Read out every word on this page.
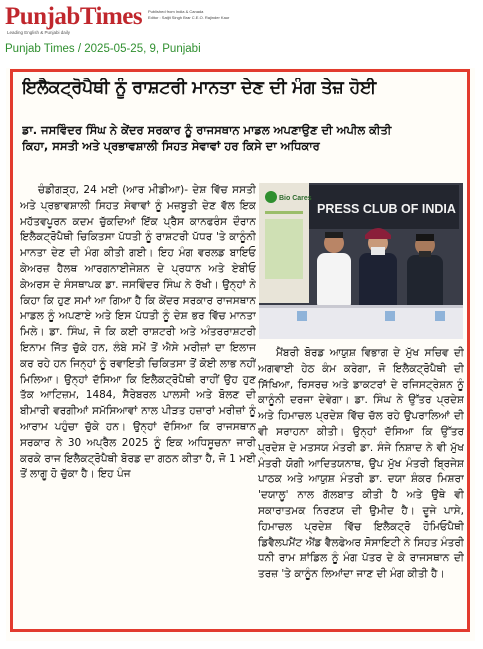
PunjabTimes
Leading English & Punjabi daily
Published from India & Canada
Editor : Satjit Singh Brar C.E.O. Rajinder Kaur
Punjab Times / 2025-05-25, 9, Punjabi
ਇਲੈਕਟ੍ਰੋਪੈਥੀ ਨੂੰ ਰਾਸ਼ਟਰੀ ਮਾਨਤਾ ਦੇਣ ਦੀ ਮੰਗ ਤੇਜ਼ ਹੋਈ
ਡਾ. ਜਸਵਿੰਦਰ ਸਿੰਘ ਨੇ ਕੇਂਦਰ ਸਰਕਾਰ ਨੂੰ ਰਾਜਸਥਾਨ ਮਾਡਲ ਅਪਣਾਉਣ ਦੀ ਅਪੀਲ ਕੀਤੀ
ਕਿਹਾ, ਸਸਤੀ ਅਤੇ ਪ੍ਰਭਾਵਸ਼ਾਲੀ ਸਿਹਤ ਸੇਵਾਵਾਂ ਹਰ ਕਿਸੇ ਦਾ ਅਧਿਕਾਰ

ਚੰਡੀਗੜ੍ਹ, 24 ਮਈ (ਆਰ ਮੀਡੀਆ)- ਦੇਸ਼ ਵਿੱਚ ਸਸਤੀ ਅਤੇ ਪ੍ਰਭਾਵਸ਼ਾਲੀ ਸਿਹਤ ਸੇਵਾਵਾਂ ਨੂੰ ਮਜ਼ਬੂਤੀ ਦੇਣ ਵੱਲ ਇਕ ਮਹੱਤਵਪੂਰਨ ਕਦਮ ਚੁੱਕਦਿਆਂ ਇੱਕ ਪ੍ਰੈਸ ਕਾਨਫਰੰਸ ਦੌਰਾਨ ਇਲੈਕਟ੍ਰੋਪੈਥੀ ਚਿਕਿਤਸਾ ਪੱਧਤੀ ਨੂੰ ਰਾਸ਼ਟਰੀ ਪੱਧਰ 'ਤੇ ਕਾਨੂੰਨੀ ਮਾਨਤਾ ਦੇਣ ਦੀ ਮੰਗ ਕੀਤੀ ਗਈ। ਇਹ ਮੰਗ ਵਰਲਡ ਬਾਇਓ ਕੇਅਰਜ਼ ਹੈਲਥ ਆਰਗਨਾਈਜੇਸ਼ਨ ਦੇ ਪ੍ਰਧਾਨ ਅਤੇ ਏਬੀਓ ਕੇਅਰਸ ਦੇ ਸੰਸਥਾਪਕ ਡਾ. ਜਸਵਿੰਦਰ ਸਿੰਘ ਨੇ ਰੱਖੀ। ਉਨ੍ਹਾਂ ਨੇ ਕਿਹਾ ਕਿ ਹੁਣ ਸਮਾਂ ਆ ਗਿਆ ਹੈ ਕਿ ਕੇਂਦਰ ਸਰਕਾਰ ਰਾਜਸਥਾਨ ਮਾਡਲ ਨੂੰ ਅਪਣਾਏ ਅਤੇ ਇਸ ਪੱਧਤੀ ਨੂੰ ਦੇਸ਼ ਭਰ ਵਿੱਚ ਮਾਨਤਾ ਮਿਲੇ। ਡਾ. ਸਿੰਘ, ਜੋ ਕਿ ਕਈ ਰਾਸ਼ਟਰੀ ਅਤੇ ਅੰਤਰਰਾਸ਼ਟਰੀ ਇਨਾਮ ਜਿੱਤ ਚੁੱਕੇ ਹਨ, ਲੰਬੇ ਸਮੇਂ ਤੋਂ ਐਸੇ ਮਰੀਜ਼ਾਂ ਦਾ ਇਲਾਜ ਕਰ ਰਹੇ ਹਨ ਜਿਨ੍ਹਾਂ ਨੂੰ ਰਵਾਇਤੀ ਚਿਕਿਤਸਾ ਤੋਂ ਕੋਈ ਲਾਭ ਨਹੀਂ ਮਿਲਿਆ। ਉਨ੍ਹਾਂ ਦੱਸਿਆ ਕਿ ਇਲੈਕਟ੍ਰੋਪੈਥੀ ਰਾਹੀਂ ਉਹ ਹੁਣ ਤੱਕ ਆਟਿਜ਼ਮ, 1484, ਸੈਰੇਬਰਲ ਪਾਲਸੀ ਅਤੇ ਬੋਲਣ ਦੀ ਬੀਮਾਰੀ ਵਰਗੀਆਂ ਸਮੱਸਿਆਵਾਂ ਨਾਲ ਪੀੜਤ ਹਜ਼ਾਰਾਂ ਮਰੀਜ਼ਾਂ ਨੂੰ ਆਰਾਮ ਪਹੁੰਚਾ ਚੁੱਕੇ ਹਨ। ਉਨ੍ਹਾਂ ਦੱਸਿਆ ਕਿ ਰਾਜਸਥਾਨ ਸਰਕਾਰ ਨੇ 30 ਅਪ੍ਰੈਲ 2025 ਨੂੰ ਇਕ ਅਧਿਸੂਚਨਾ ਜਾਰੀ ਕਰਕੇ ਰਾਜ ਇਲੈਕਟ੍ਰੋਪੈਥੀ ਬੋਰਡ ਦਾ ਗਠਨ ਕੀਤਾ ਹੈ, ਜੋ 1 ਮਈ ਤੋਂ ਲਾਗੂ ਹੋ ਚੁੱਕਾ ਹੈ। ਇਹ ਪੰਜ

PRESS CLUB OF INDIA
Bio Cares

ਮੈਂਬਰੀ ਬੋਰਡ ਆਯੁਸ਼ ਵਿਭਾਗ ਦੇ ਮੁੱਖ ਸਚਿਵ ਦੀ ਅਗਵਾਈ ਹੇਠ ਕੰਮ ਕਰੇਗਾ, ਜੋ ਇਲੈਕਟ੍ਰੋਪੈਥੀ ਦੀ ਸਿੱਖਿਆ, ਰਿਸਰਚ ਅਤੇ ਡਾਕਟਰਾਂ ਦੇ ਰਜਿਸਟ੍ਰੇਸ਼ਨ ਨੂੰ ਕਾਨੂੰਨੀ ਦਰਜਾ ਦੇਵੇਗਾ। ਡਾ. ਸਿੰਘ ਨੇ ਉੱਤਰ ਪ੍ਰਦੇਸ਼ ਅਤੇ ਹਿਮਾਚਲ ਪ੍ਰਦੇਸ਼ ਵਿੱਚ ਚੱਲ ਰਹੇ ਉਪਰਾਲਿਆਂ ਦੀ ਵੀ ਸਰਾਹਨਾ ਕੀਤੀ। ਉਨ੍ਹਾਂ ਦੱਸਿਆ ਕਿ ਉੱਤਰ ਪ੍ਰਦੇਸ਼ ਦੇ ਮਤਸਯ ਮੰਤਰੀ ਡਾ. ਸੰਜੇ ਨਿਸ਼ਾਦ ਨੇ ਵੀ ਮੁੱਖ ਮੰਤਰੀ ਯੋਗੀ ਆਦਿਤਯਨਾਥ, ਉਪ ਮੁੱਖ ਮੰਤਰੀ ਬ੍ਰਿਜੇਸ਼ ਪਾਠਕ ਅਤੇ ਆਯੁਸ਼ ਮੰਤਰੀ ਡਾ. ਦਯਾ ਸ਼ੰਕਰ ਮਿਸ਼ਰਾ 'ਦਯਾਲੂ' ਨਾਲ ਗੱਲਬਾਤ ਕੀਤੀ ਹੈ ਅਤੇ ਉਥੇ ਵੀ ਸਕਾਰਾਤਮਕ ਨਿਰਣਯ ਦੀ ਉਮੀਦ ਹੈ। ਦੂਜੇ ਪਾਸੇ, ਹਿਮਾਚਲ ਪ੍ਰਦੇਸ਼ ਵਿੱਚ ਇਲੈਕਟ੍ਰੋ ਹੋਮਿਓਪੈਥੀ ਡਿਵੈਲਪਮੈਂਟ ਐਂਡ ਵੈਲਫੇਅਰ ਸੋਸਾਇਟੀ ਨੇ ਸਿਹਤ ਮੰਤਰੀ ਧਨੀ ਰਾਮ ਸ਼ਾਂਡਿਲ ਨੂੰ ਮੰਗ ਪੱਤਰ ਦੇ ਕੇ ਰਾਜਸਥਾਨ ਦੀ ਤਰਜ਼ 'ਤੇ ਕਾਨੂੰਨ ਲਿਆਂਦਾ ਜਾਣ ਦੀ ਮੰਗ ਕੀਤੀ ਹੈ।
